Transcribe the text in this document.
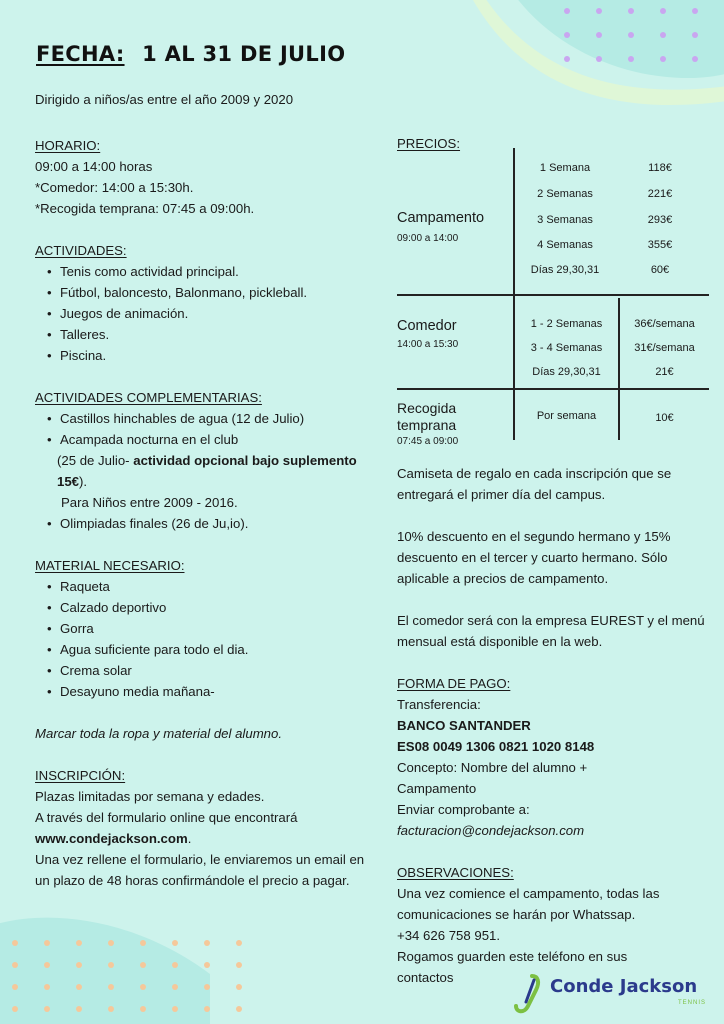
FECHA: 1 AL 31 DE JULIO

Dirigido a niños/as entre el año 2009 y 2020

HORARIO:

09:00 a 14:00 horas

*Comedor: 14:00 a 15:30h.

*Recogida temprana: 07:45 a 09:00h.

ACTIVIDADES:

• Tenis como actividad principal.
• Fútbol, baloncesto, Balonmano, pickleball.
• Juegos de animación.
• Talleres.
• Piscina.

ACTIVIDADES COMPLEMENTARIAS:

• Castillos hinchables de agua (12 de Julio)
• Acampada nocturna en el club

(25 de Julio- actividad opcional bajo suplemento 15€).

Para Niños entre 2009 - 2016.

• Olimpiadas finales (26 de Ju,io).

MATERIAL NECESARIO:

• Raqueta
• Calzado deportivo
• Gorra
• Agua suficiente para todo el dia.
• Crema solar
• Desayuno media mañana-

Marcar toda la ropa y material del alumno.

INSCRIPCIÓN:

Plazas limitadas por semana y edades.

A través del formulario online que encontrará

www.condejackson.com.

Una vez rellene el formulario, le enviaremos un email en un plazo de 48 horas confirmándole el precio a pagar.

PRECIOS:

Campamento
09:00 a 14:00
1 Semana	118€
2 Semanas	221€
3 Semanas	293€
4 Semanas	355€
Días 29,30,31	60€
Comedor
14:00 a 15:30
1 - 2 Semanas	36€/semana
3 - 4 Semanas	31€/semana
Días 29,30,31	21€
Recogida temprana
07:45 a 09:00
Por semana	10€

Camiseta de regalo en cada inscripción que se entregará el primer día del campus.

10% descuento en el segundo hermano y 15% descuento en el tercer y cuarto hermano. Sólo aplicable a precios de campamento.

El comedor será con la empresa EUREST y el menú mensual está disponible en la web.

FORMA DE PAGO:

Transferencia:

BANCO SANTANDER

ES08 0049 1306 0821 1020 8148

Concepto: Nombre del alumno + Campamento

Enviar comprobante a:

facturacion@condejackson.com

OBSERVACIONES:

Una vez comience el campamento, todas las comunicaciones se harán por Whatssap.

+34 626 758 951.

Rogamos guarden este teléfono en sus contactos	Conde Jackson
TENNIS
